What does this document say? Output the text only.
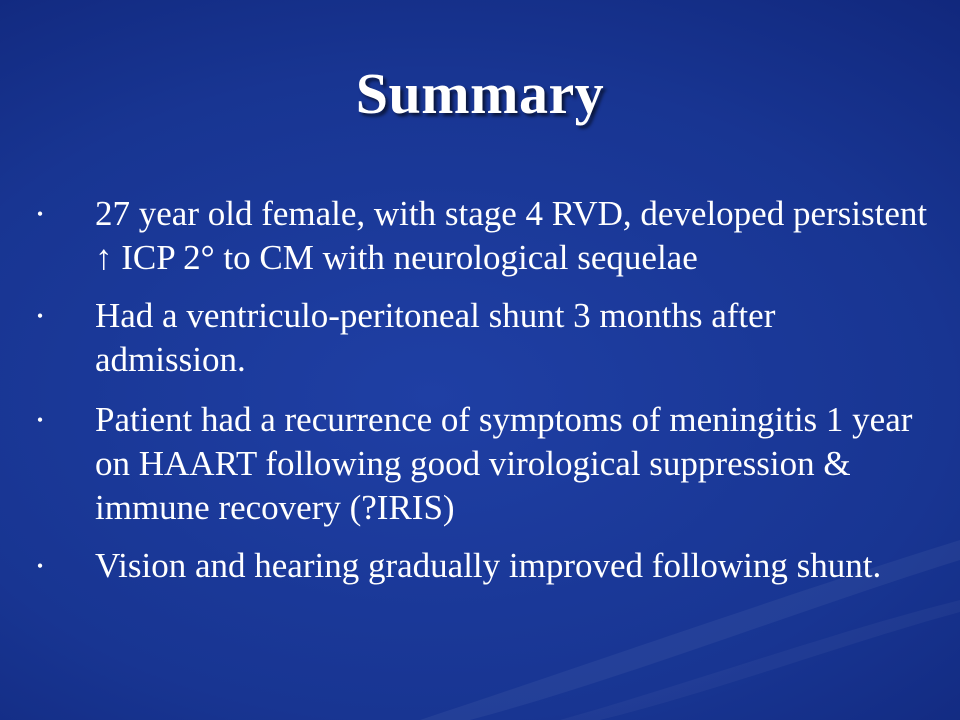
Summary
• 27 year old female, with stage 4 RVD, developed persistent ↑ ICP 2° to CM with neurological sequelae
• Had a ventriculo-peritoneal shunt 3 months after admission.
• Patient had a recurrence of symptoms of meningitis 1 year on HAART following good virological suppression & immune recovery (?IRIS)
• Vision and hearing gradually improved following shunt.
